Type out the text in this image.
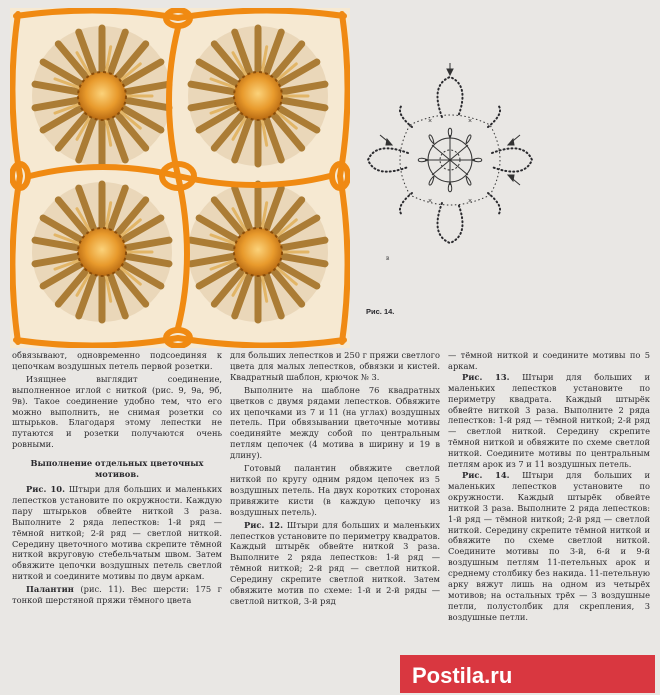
×	×
×	×
в
Рис. 14.

обвязывают, одновременно подсоединяя к цепочкам воздушных петель первой розетки.

Изящнее выглядит соединение, выполненное иглой с ниткой (рис. 9, 9а, 9б, 9в). Такое соединение удобно тем, что его можно выполнить, не снимая розетки со штырьков. Благодаря этому лепестки не путаются и розетки получаются очень ровными.

Выполнение отдельных цветочных мотивов.

Рис. 10. Штыри для больших и маленьких лепестков установите по окружности. Каждую пару штырьков обвейте ниткой 3 раза. Выполните 2 ряда лепестков: 1-й ряд — тёмной ниткой; 2-й ряд — светлой ниткой. Середину цветочного мотива скрепите тёмной ниткой вкруговую стебельчатым швом. Затем обвяжите цепочки воздушных петель светлой ниткой и соедините мотивы по двум аркам.

Палантин (рис. 11). Вес шерсти: 175 г тонкой шерстяной пряжи тёмного цвета

для больших лепестков и 250 г пряжи светлого цвета для малых лепестков, обвязки и кистей. Квадратный шаблон, крючок № 3.

Выполните на шаблоне 76 квадратных цветков с двумя рядами лепестков. Обвяжите их цепочками из 7 и 11 (на углах) воздушных петель. При обвязывании цветочные мотивы соединяйте между собой по центральным петлям цепочек (4 мотива в ширину и 19 в длину).

Готовый палантин обвяжите светлой ниткой по кругу одним рядом цепочек из 5 воздушных петель. На двух коротких сторонах привяжите кисти (в каждую цепочку из воздушных петель).

Рис. 12. Штыри для больших и маленьких лепестков установите по периметру квадратов. Каждый штырёк обвейте ниткой 3 раза. Выполните 2 ряда лепестков: 1-й ряд — тёмной ниткой; 2-й ряд — светлой ниткой. Середину скрепите светлой ниткой. Затем обвяжите мотив по схеме: 1-й и 2-й ряды — светлой ниткой, 3-й ряд

— тёмной ниткой и соедините мотивы по 5 аркам.

Рис. 13. Штыри для больших и маленьких лепестков установите по периметру квадрата. Каждый штырёк обвейте ниткой 3 раза. Выполните 2 ряда лепестков: 1-й ряд — тёмной ниткой; 2-й ряд — светлой ниткой. Середину скрепите тёмной ниткой и обвяжите по схеме светлой ниткой. Соедините мотивы по центральным петлям арок из 7 и 11 воздушных петель.

Рис. 14. Штыри для больших и маленьких лепестков установите по окружности. Каждый штырёк обвейте ниткой 3 раза. Выполните 2 ряда лепестков: 1-й ряд — тёмной ниткой; 2-й ряд — светлой ниткой. Середину скрепите тёмной ниткой и обвяжите по схеме светлой ниткой. Соедините мотивы по 3-й, 6-й и 9-й воздушным петлям 11-петельных арок и среднему столбику без накида. 11-петельную арку вяжут лишь на одном из четырёх мотивов; на остальных трёх — 3 воздушные петли, полустолбик для скрепления, 3 воздушные петли.

Postila.ru
